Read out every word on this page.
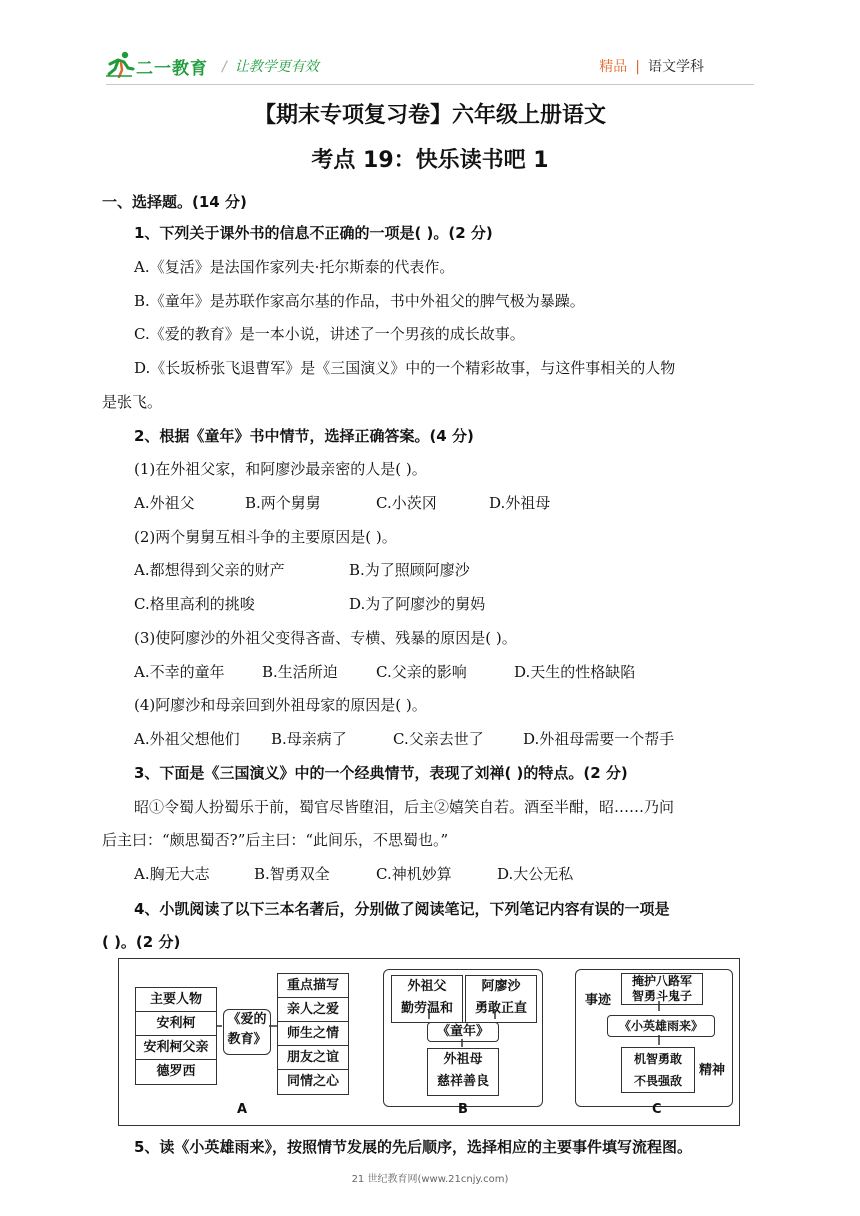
二一教育 / 让教学更有效	精品 | 语文学科
【期末专项复习卷】六年级上册语文
考点 19：快乐读书吧 1
一、选择题。(14 分)
1、下列关于课外书的信息不正确的一项是( )。(2 分)
A.《复活》是法国作家列夫·托尔斯泰的代表作。
B.《童年》是苏联作家高尔基的作品，书中外祖父的脾气极为暴躁。
C.《爱的教育》是一本小说，讲述了一个男孩的成长故事。
D.《长坂桥张飞退曹军》是《三国演义》中的一个精彩故事，与这件事相关的人物
是张飞。
2、根据《童年》书中情节，选择正确答案。(4 分)
(1)在外祖父家，和阿廖沙最亲密的人是( )。
A.外祖父	B.两个舅舅	C.小茨冈	D.外祖母
(2)两个舅舅互相斗争的主要原因是( )。
A.都想得到父亲的财产	B.为了照顾阿廖沙
C.格里高利的挑唆	D.为了阿廖沙的舅妈
(3)使阿廖沙的外祖父变得吝啬、专横、残暴的原因是( )。
A.不幸的童年 B.生活所迫	C.父亲的影响	D.天生的性格缺陷
(4)阿廖沙和母亲回到外祖母家的原因是( )。
A.外祖父想他们 B.母亲病了	C.父亲去世了	D.外祖母需要一个帮手
3、下面是《三国演义》中的一个经典情节，表现了刘禅( )的特点。(2 分)
昭①令蜀人扮蜀乐于前，蜀官尽皆堕泪，后主②嬉笑自若。酒至半酣，昭……乃问
后主曰：“颇思蜀否?”后主曰：“此间乐，不思蜀也。”
A.胸无大志	B.智勇双全	C.神机妙算	D.大公无私
4、小凯阅读了以下三本名著后，分别做了阅读笔记，下列笔记内容有误的一项是
( )。(2 分)
主要人物
安利柯
安利柯父亲
德罗西
《爱的
教育》
重点描写
亲人之爱
师生之情
朋友之谊
同情之心
A
外祖父
勤劳温和
阿廖沙
勇敢正直
《童年》
外祖母
慈祥善良
B
事迹
掩护八路军
智勇斗鬼子
《小英雄雨来》
机智勇敢
不畏强敌
精神
C
5、读《小英雄雨来》，按照情节发展的先后顺序，选择相应的主要事件填写流程图。
21 世纪教育网(www.21cnjy.com)
